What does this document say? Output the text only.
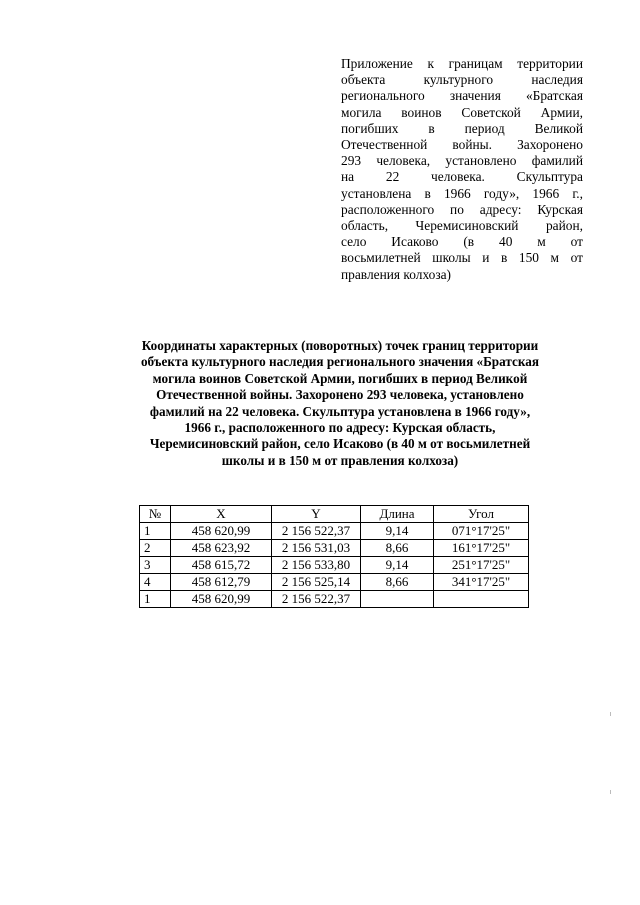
Приложение к границам территории
объекта культурного наследия
регионального значения «Братская
могила воинов Советской Армии,
погибших в период Великой
Отечественной войны. Захоронено
293 человека, установлено фамилий
на 22 человека. Скульптура
установлена в 1966 году», 1966 г.,
расположенного по адресу: Курская
область, Черемисиновский район,
село Исаково (в 40 м от
восьмилетней школы и в 150 м от
правления колхоза)
Координаты характерных (поворотных) точек границ территории
объекта культурного наследия регионального значения «Братская
могила воинов Советской Армии, погибших в период Великой
Отечественной войны. Захоронено 293 человека, установлено
фамилий на 22 человека. Скульптура установлена в 1966 году»,
1966 г., расположенного по адресу: Курская область,
Черемисиновский район, село Исаково (в 40 м от восьмилетней
школы и в 150 м от правления колхоза)
№	X	Y	Длина	Угол
1	458 620,99	2 156 522,37	9,14	071°17'25"
2	458 623,92	2 156 531,03	8,66	161°17'25"
3	458 615,72	2 156 533,80	9,14	251°17'25"
4	458 612,79	2 156 525,14	8,66	341°17'25"
1	458 620,99	2 156 522,37		
